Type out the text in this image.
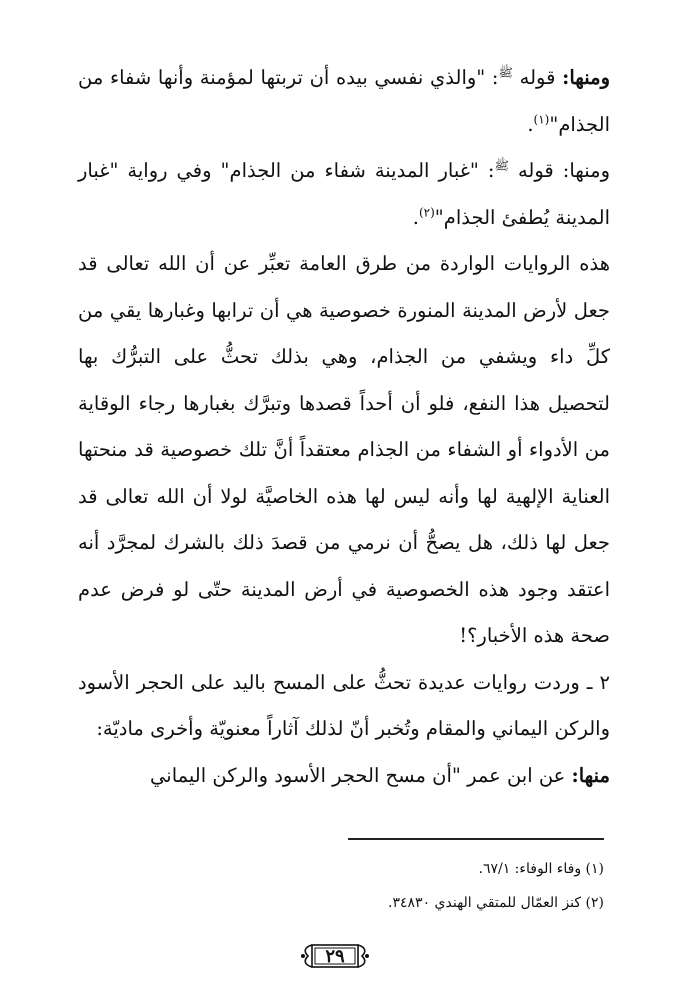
ومنها: قوله $^ﷺ$: "والذي نفسي بيده أن تربتها لمؤمنة وأنها شفاء من الجذام"$^{(١)}$.

ومنها: قوله $^ﷺ$: "غبار المدينة شفاء من الجذام" وفي رواية "غبار المدينة يُطفئ الجذام"$^{(٢)}$.

هذه الروايات الواردة من طرق العامة تعبِّر عن أن الله تعالى قد جعل لأرض المدينة المنورة خصوصية هي أن ترابها وغبارها يقي من كلِّ داء ويشفي من الجذام، وهي بذلك تحثُّ على التبرُّك بها لتحصيل هذا النفع، فلو أن أحداً قصدها وتبرَّك بغبارها رجاء الوقاية من الأدواء أو الشفاء من الجذام معتقداً أنَّ تلك خصوصية قد منحتها العناية الإلهية لها وأنه ليس لها هذه الخاصيَّة لولا أن الله تعالى قد جعل لها ذلك، هل يصحُّ أن نرمي من قصدَ ذلك بالشرك لمجرَّد أنه اعتقد وجود هذه الخصوصية في أرض المدينة حتّى لو فرض عدم صحة هذه الأخبار؟!

٢ ـ وردت روايات عديدة تحثُّ على المسح باليد على الحجر الأسود والركن اليماني والمقام وتُخبر أنّ لذلك آثاراً معنويّة وأخرى ماديّة:

منها: عن ابن عمر "أن مسح الحجر الأسود والركن اليماني

(١) وفاء الوفاء: ٦٧/١.

(٢) كنز العمّال للمتقي الهندي ٣٤٨٣٠.

٢٩
